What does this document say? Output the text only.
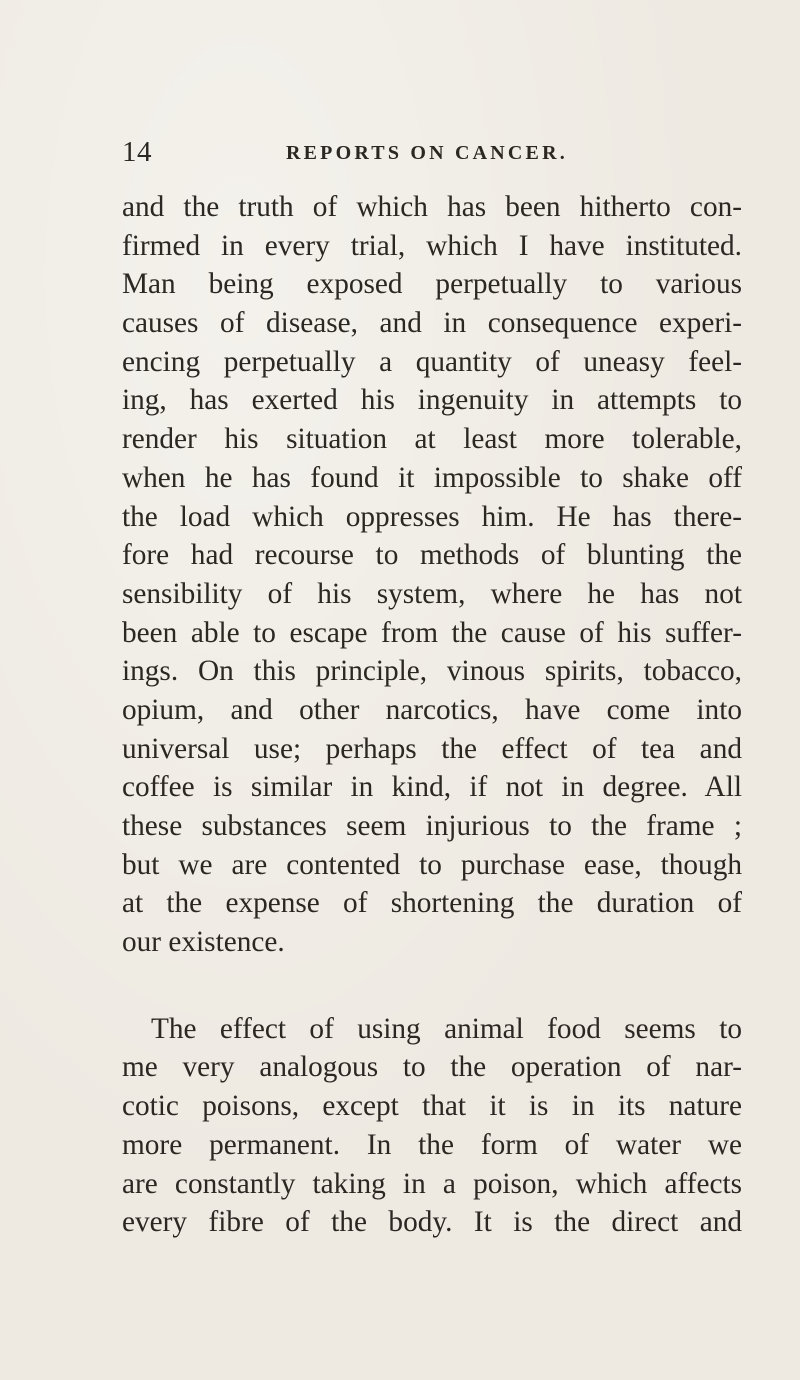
14	REPORTS ON CANCER.
and the truth of which has been hitherto con-
firmed in every trial, which I have instituted.
Man being exposed perpetually to various
causes of disease, and in consequence experi-
encing perpetually a quantity of uneasy feel-
ing, has exerted his ingenuity in attempts to
render his situation at least more tolerable,
when he has found it impossible to shake off
the load which oppresses him. He has there-
fore had recourse to methods of blunting the
sensibility of his system, where he has not
been able to escape from the cause of his suffer-
ings. On this principle, vinous spirits, tobacco,
opium, and other narcotics, have come into
universal use; perhaps the effect of tea and
coffee is similar in kind, if not in degree. All
these substances seem injurious to the frame ;
but we are contented to purchase ease, though
at the expense of shortening the duration of
our existence.
The effect of using animal food seems to
me very analogous to the operation of nar-
cotic poisons, except that it is in its nature
more permanent. In the form of water we
are constantly taking in a poison, which affects
every fibre of the body. It is the direct and
